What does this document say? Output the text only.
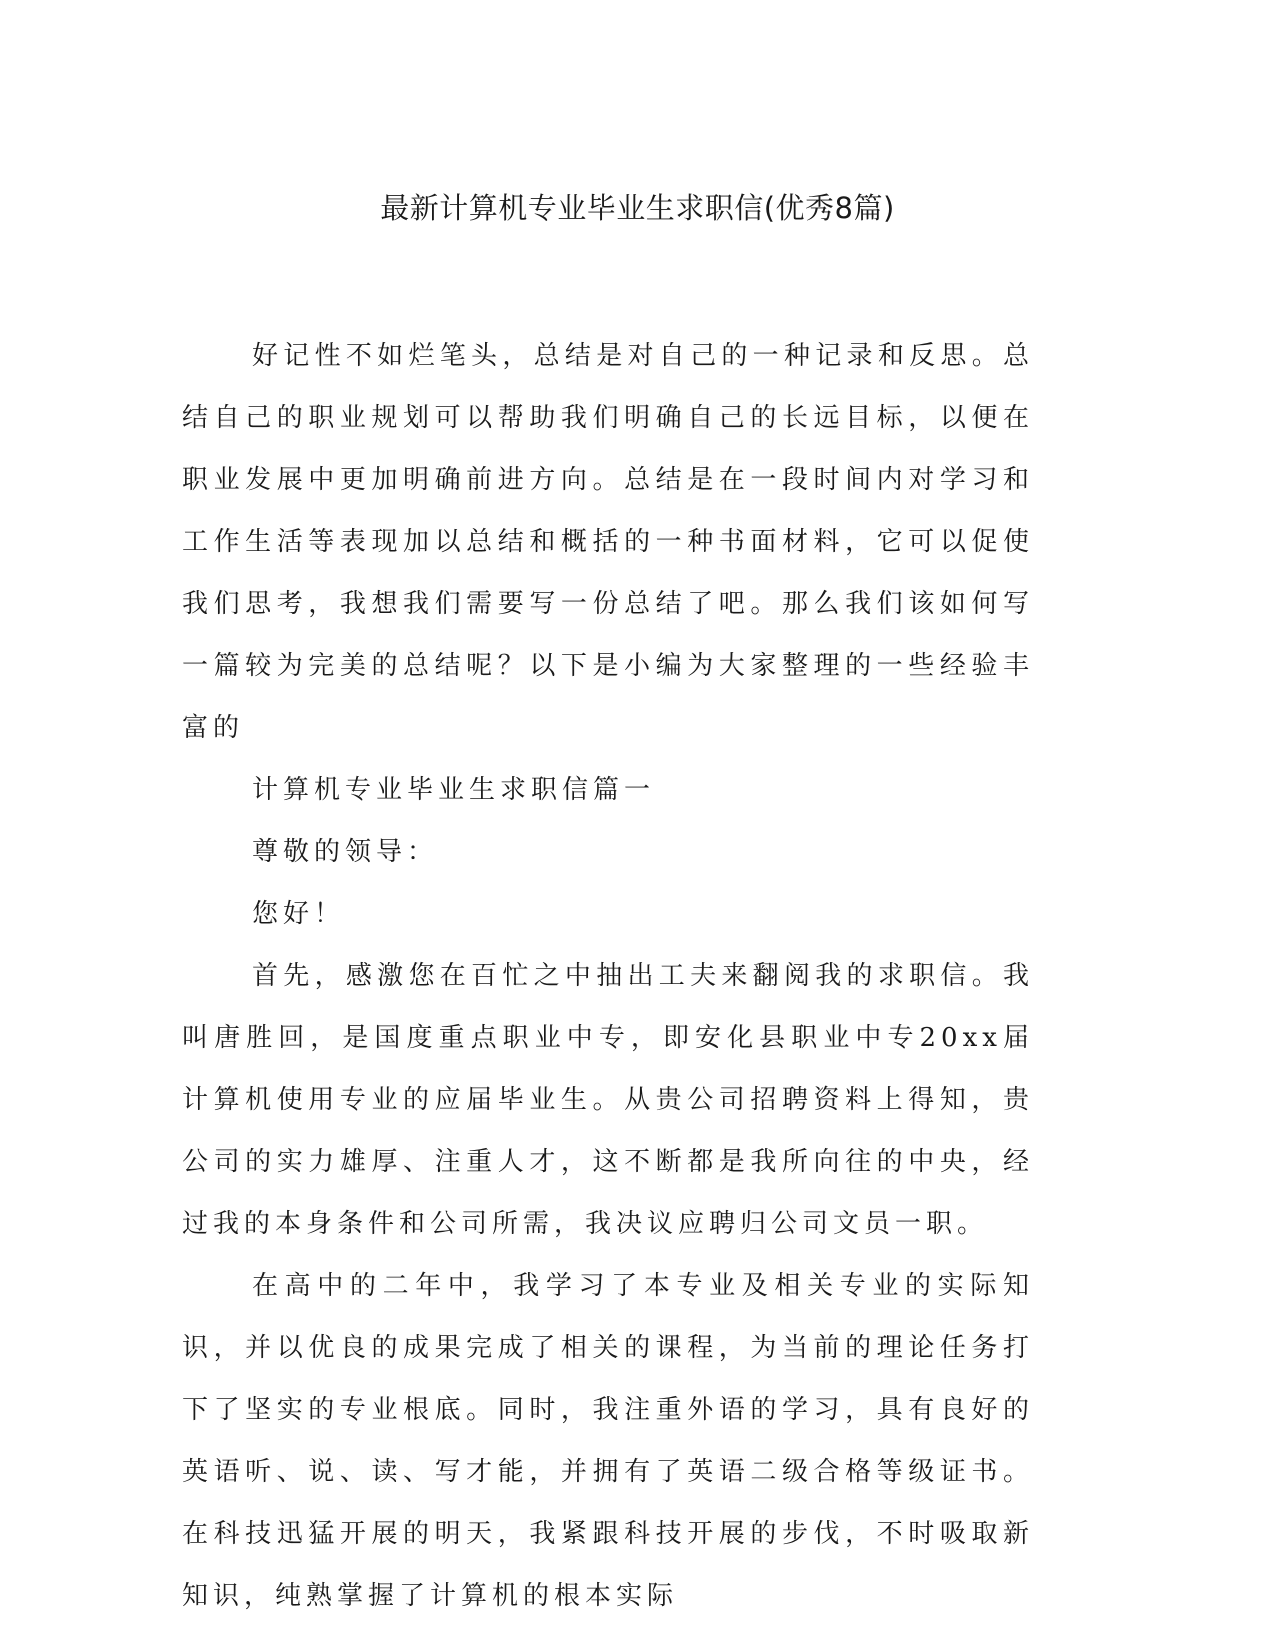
最新计算机专业毕业生求职信(优秀8篇)

好记性不如烂笔头，总结是对自己的一种记录和反思。总结自己的职业规划可以帮助我们明确自己的长远目标，以便在职业发展中更加明确前进方向。总结是在一段时间内对学习和工作生活等表现加以总结和概括的一种书面材料，它可以促使我们思考，我想我们需要写一份总结了吧。那么我们该如何写一篇较为完美的总结呢？以下是小编为大家整理的一些经验丰富的

计算机专业毕业生求职信篇一

尊敬的领导：

您好！

首先，感激您在百忙之中抽出工夫来翻阅我的求职信。我叫唐胜回，是国度重点职业中专，即安化县职业中专20xx届计算机使用专业的应届毕业生。从贵公司招聘资料上得知，贵公司的实力雄厚、注重人才，这不断都是我所向往的中央，经过我的本身条件和公司所需，我决议应聘归公司文员一职。

在高中的二年中，我学习了本专业及相关专业的实际知识，并以优良的成果完成了相关的课程，为当前的理论任务打下了坚实的专业根底。同时，我注重外语的学习，具有良好的英语听、说、读、写才能，并拥有了英语二级合格等级证书。在科技迅猛开展的明天，我紧跟科技开展的步伐，不时吸取新知识，纯熟掌握了计算机的根本实际
